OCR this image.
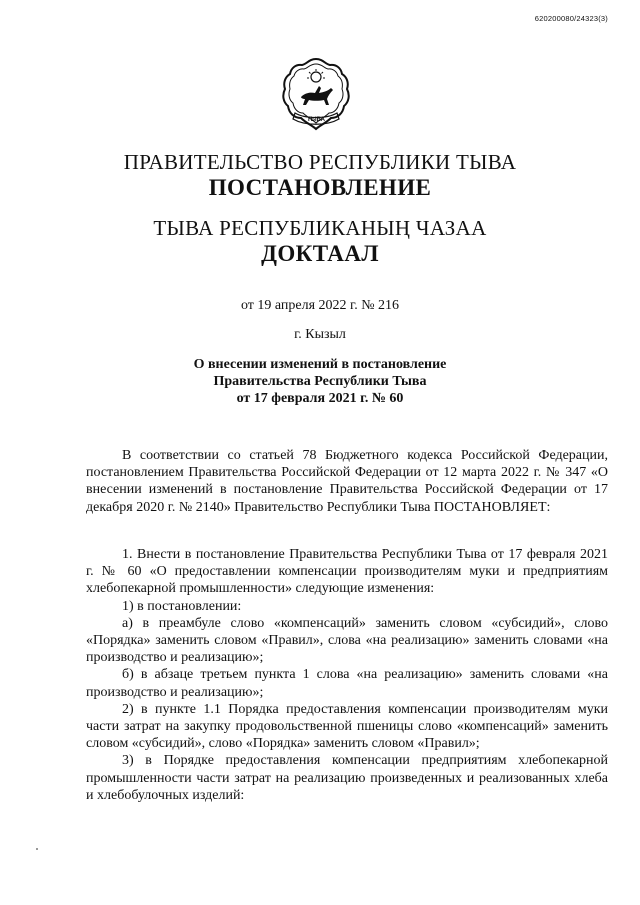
620200080/24323(3)
ТЫВА
ПРАВИТЕЛЬСТВО РЕСПУБЛИКИ ТЫВА
ПОСТАНОВЛЕНИЕ
ТЫВА РЕСПУБЛИКАНЫҢ ЧАЗАА
ДОКТААЛ
от 19 апреля 2022 г. № 216
г. Кызыл
О внесении изменений в постановление
Правительства Республики Тыва
от 17 февраля 2021 г. № 60

В соответствии со статьей 78 Бюджетного кодекса Российской Федерации, постановлением Правительства Российской Федерации от 12 марта 2022 г. № 347 «О внесении изменений в постановление Правительства Российской Федерации от 17 декабря 2020 г. № 2140» Правительство Республики Тыва ПОСТАНОВЛЯЕТ:

1. Внести в постановление Правительства Республики Тыва от 17 февраля 2021 г. № 60 «О предоставлении компенсации производителям муки и предприятиям хлебопекарной промышленности» следующие изменения:

1) в постановлении:

а) в преамбуле слово «компенсаций» заменить словом «субсидий», слово «Порядка» заменить словом «Правил», слова «на реализацию» заменить словами «на производство и реализацию»;

б) в абзаце третьем пункта 1 слова «на реализацию» заменить словами «на производство и реализацию»;

2) в пункте 1.1 Порядка предоставления компенсации производителям муки части затрат на закупку продовольственной пшеницы слово «компенсаций» заменить словом «субсидий», слово «Порядка» заменить словом «Правил»;

3) в Порядке предоставления компенсации предприятиям хлебопекарной промышленности части затрат на реализацию произведенных и реализованных хлеба и хлебобулочных изделий:
